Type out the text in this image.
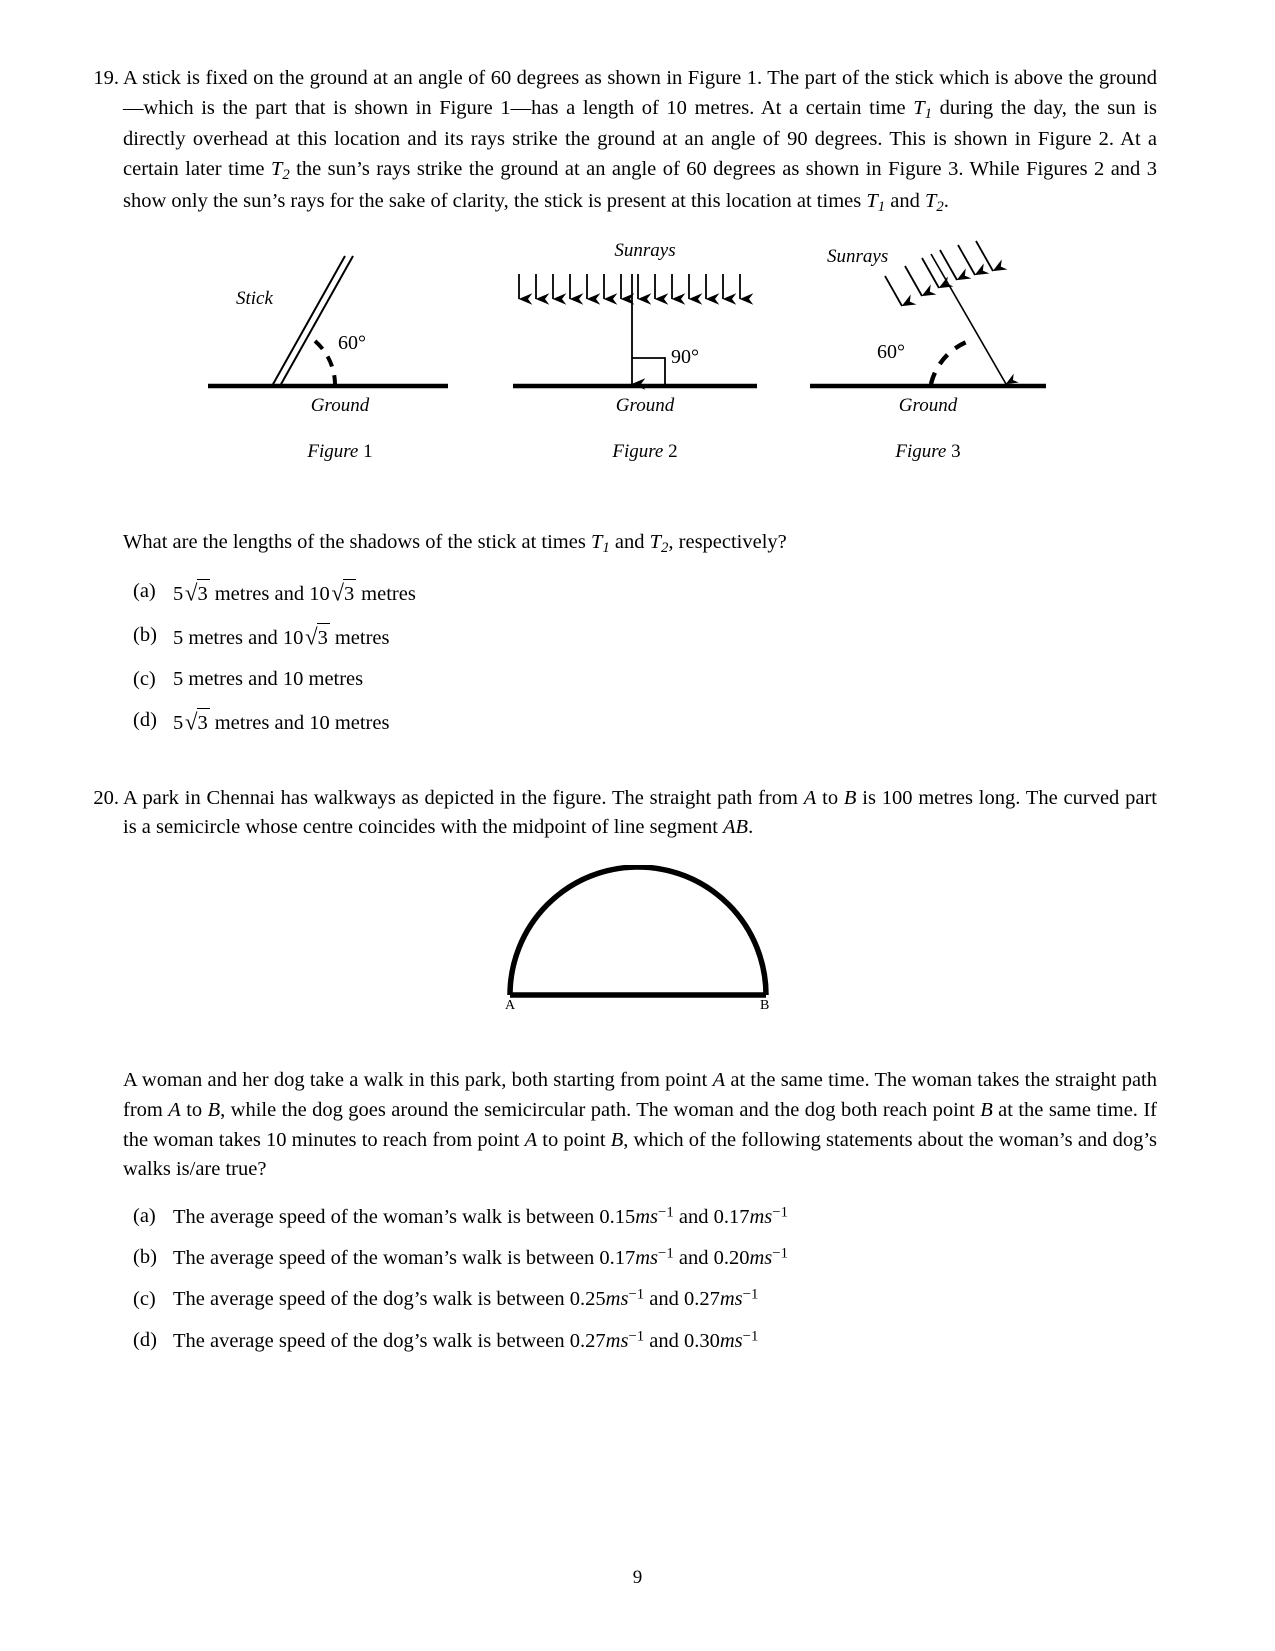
19. A stick is fixed on the ground at an angle of 60 degrees as shown in Figure 1. The part of the stick which is above the ground—which is the part that is shown in Figure 1—has a length of 10 metres. At a certain time $T_1$ during the day, the sun is directly overhead at this location and its rays strike the ground at an angle of 90 degrees. This is shown in Figure 2. At a certain later time $T_2$ the sun’s rays strike the ground at an angle of 60 degrees as shown in Figure 3. While Figures 2 and 3 show only the sun’s rays for the sake of clarity, the stick is present at this location at times $T_1$ and $T_2$.
Stick
60°
Ground
Figure 1
Sunrays
90°
Ground
Figure 2
Sunrays
60°
Ground
Figure 3
What are the lengths of the shadows of the stick at times $T_1$ and $T_2$, respectively?
(a) 5√3 metres and 10√3 metres
(b) 5 metres and 10√3 metres
(c) 5 metres and 10 metres
(d) 5√3 metres and 10 metres
20. A park in Chennai has walkways as depicted in the figure. The straight path from A to B is 100 metres long. The curved part is a semicircle whose centre coincides with the midpoint of line segment AB.
A	B
A woman and her dog take a walk in this park, both starting from point A at the same time. The woman takes the straight path from A to B, while the dog goes around the semicircular path. The woman and the dog both reach point B at the same time. If the woman takes 10 minutes to reach from point A to point B, which of the following statements about the woman’s and dog’s walks is/are true?
(a) The average speed of the woman’s walk is between $0.15ms^{-1}$ and $0.17ms^{-1}$
(b) The average speed of the woman’s walk is between $0.17ms^{-1}$ and $0.20ms^{-1}$
(c) The average speed of the dog’s walk is between $0.25ms^{-1}$ and $0.27ms^{-1}$
(d) The average speed of the dog’s walk is between $0.27ms^{-1}$ and $0.30ms^{-1}$
9
